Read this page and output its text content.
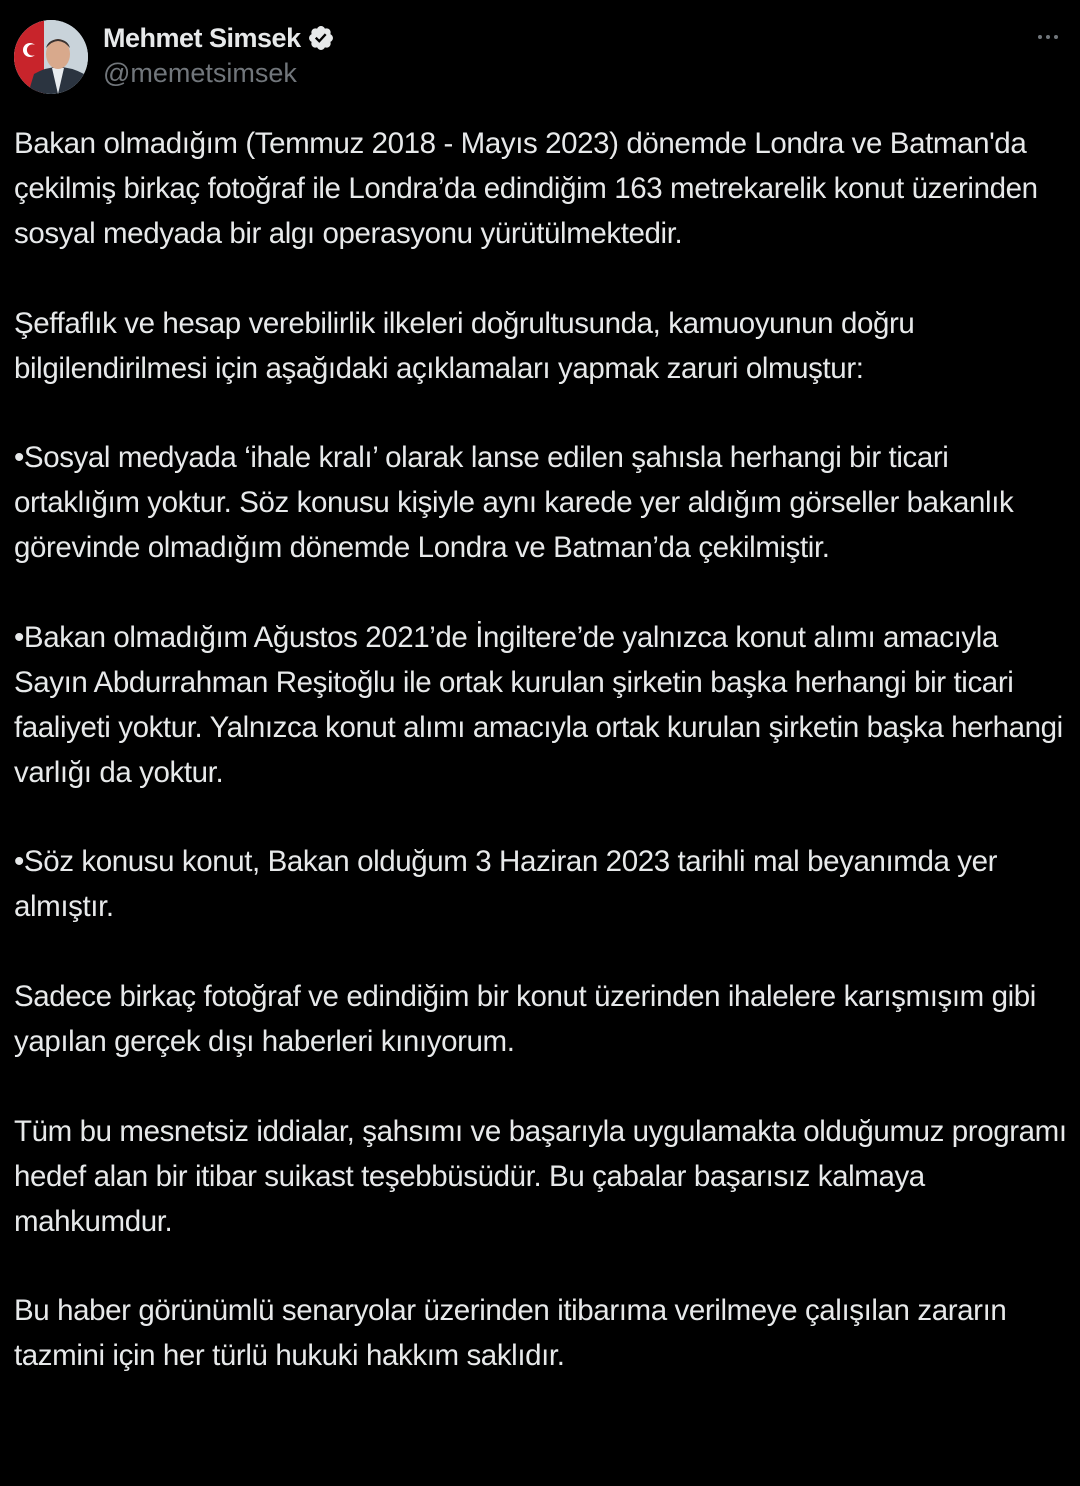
Mehmet Simsek
@memetsimsek

Bakan olmadığım (Temmuz 2018 - Mayıs 2023) dönemde Londra ve Batman'da çekilmiş birkaç fotoğraf ile Londra’da edindiğim 163 metrekarelik konut üzerinden sosyal medyada bir algı operasyonu yürütülmektedir.

Şeffaflık ve hesap verebilirlik ilkeleri doğrultusunda, kamuoyunun doğru bilgilendirilmesi için aşağıdaki açıklamaları yapmak zaruri olmuştur:

•Sosyal medyada ‘ihale kralı’ olarak lanse edilen şahısla herhangi bir ticari ortaklığım yoktur. Söz konusu kişiyle aynı karede yer aldığım görseller bakanlık görevinde olmadığım dönemde Londra ve Batman’da çekilmiştir.

•Bakan olmadığım Ağustos 2021’de İngiltere’de yalnızca konut alımı amacıyla Sayın Abdurrahman Reşitoğlu ile ortak kurulan şirketin başka herhangi bir ticari faaliyeti yoktur. Yalnızca konut alımı amacıyla ortak kurulan şirketin başka herhangi varlığı da yoktur.

•Söz konusu konut, Bakan olduğum 3 Haziran 2023 tarihli mal beyanımda yer almıştır.

Sadece birkaç fotoğraf ve edindiğim bir konut üzerinden ihalelere karışmışım gibi yapılan gerçek dışı haberleri kınıyorum.

Tüm bu mesnetsiz iddialar, şahsımı ve başarıyla uygulamakta olduğumuz programı hedef alan bir itibar suikast teşebbüsüdür. Bu çabalar başarısız kalmaya mahkumdur.

Bu haber görünümlü senaryolar üzerinden itibarıma verilmeye çalışılan zararın tazmini için her türlü hukuki hakkım saklıdır.
